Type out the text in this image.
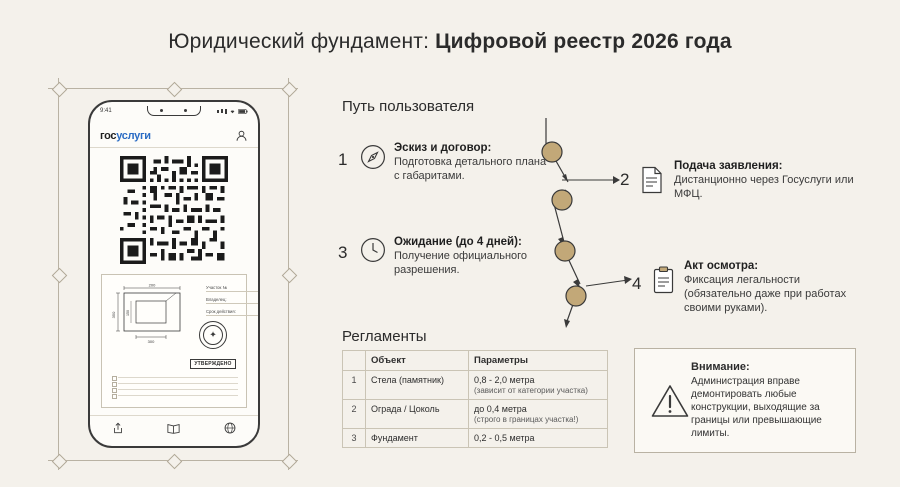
Юридический фундамент: Цифровой реестр 2026 года
9:41
госуслуги
200
350	150
300
Участок №
Владелец:
Срок действия:
✦
УТВЕРЖДЕНО
Путь пользователя
1
Эскиз и договор:
Подготовка детального плана с габаритами.	2
Подача заявления:
Дистанционно через Госуслуги или МФЦ.
3
Ожидание (до 4 дней):
Получение официального разрешения.
4
Акт осмотра:
Фиксация легальности (обязательно даже при работах своими руками).
Регламенты
	Объект	Параметры
1	Стела (памятник)	0,8 - 2,0 метра
(зависит от категории участка)
2	Ограда / Цоколь	до 0,4 метра
(строго в границах участка!)
3	Фундамент	0,2 - 0,5 метра
Внимание:
Администрация вправе демонтировать любые конструкции, выходящие за границы или превышающие лимиты.
